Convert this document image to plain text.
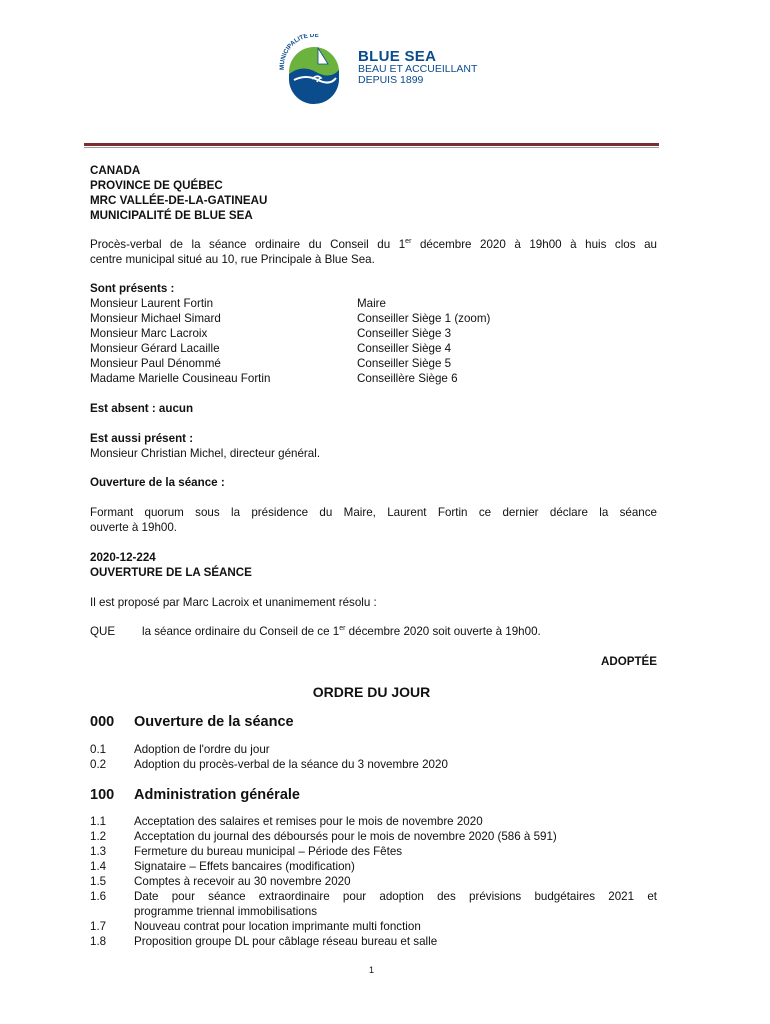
MUNICIPALITÉ DE
BLUE SEA
BLUE SEA
BEAU ET ACCUEILLANT
DEPUIS 1899
CANADA
PROVINCE DE QUÉBEC
MRC VALLÉE-DE-LA-GATINEAU
MUNICIPALITÉ DE BLUE SEA
Procès-verbal de la séance ordinaire du Conseil du 1er décembre 2020 à 19h00 à huis clos au
centre municipal situé au 10, rue Principale à Blue Sea.
Sont présents :
Monsieur Laurent Fortin	Maire
Monsieur Michael Simard	Conseiller Siège 1 (zoom)
Monsieur Marc Lacroix	Conseiller Siège 3
Monsieur Gérard Lacaille	Conseiller Siège 4
Monsieur Paul Dénommé	Conseiller Siège 5
Madame Marielle Cousineau Fortin	Conseillère Siège 6
Est absent : aucun
Est aussi présent :
Monsieur Christian Michel, directeur général.
Ouverture de la séance :
Formant quorum sous la présidence du Maire, Laurent Fortin ce dernier déclare la séance
ouverte à 19h00.
2020-12-224
OUVERTURE DE LA SÉANCE
Il est proposé par Marc Lacroix et unanimement résolu :
QUE la séance ordinaire du Conseil de ce 1er décembre 2020 soit ouverte à 19h00.
ADOPTÉE
ORDRE DU JOUR
000 Ouverture de la séance
0.1 Adoption de l'ordre du jour
0.2 Adoption du procès-verbal de la séance du 3 novembre 2020
100 Administration générale
1.1 Acceptation des salaires et remises pour le mois de novembre 2020
1.2 Acceptation du journal des déboursés pour le mois de novembre 2020 (586 à 591)
1.3 Fermeture du bureau municipal – Période des Fêtes
1.4 Signataire – Effets bancaires (modification)
1.5 Comptes à recevoir au 30 novembre 2020
1.6 Date pour séance extraordinaire pour adoption des prévisions budgétaires 2021 et
programme triennal immobilisations
1.7 Nouveau contrat pour location imprimante multi fonction
1.8 Proposition groupe DL pour câblage réseau bureau et salle
1
